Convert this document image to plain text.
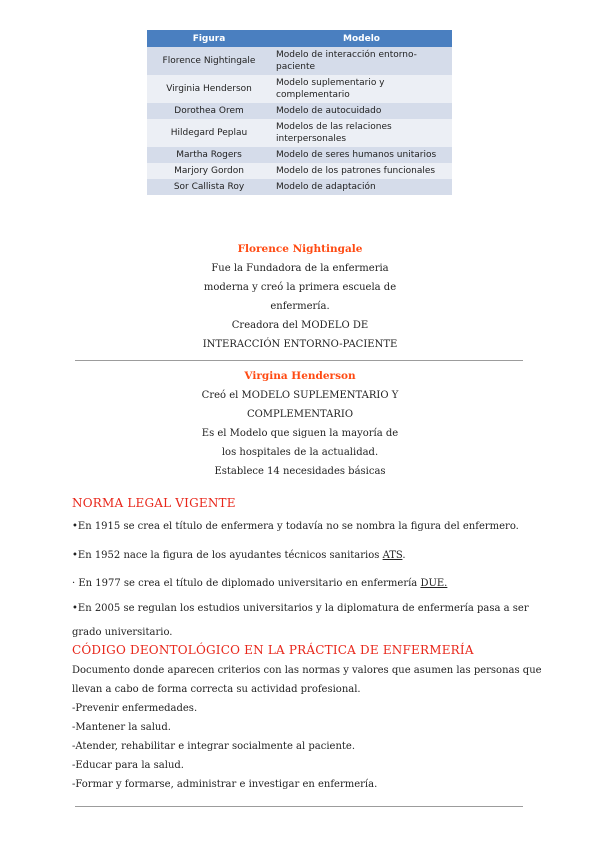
Figura	Modelo
Florence Nightingale	Modelo de interacción entorno-paciente
Virginia Henderson	Modelo suplementario y complementario
Dorothea Orem	Modelo de autocuidado
Hildegard Peplau	Modelos de las relaciones interpersonales
Martha Rogers	Modelo de seres humanos unitarios
Marjory Gordon	Modelo de los patrones funcionales
Sor Callista Roy	Modelo de adaptación
Florence Nightingale
Fue la Fundadora de la enfermeria
moderna y creó la primera escuela de
enfermería.
Creadora del MODELO DE
INTERACCIÓN ENTORNO-PACIENTE
Virgina Henderson
Creó el MODELO SUPLEMENTARIO Y
COMPLEMENTARIO
Es el Modelo que siguen la mayoría de
los hospitales de la actualidad.
Establece 14 necesidades básicas
NORMA LEGAL VIGENTE
•En 1915 se crea el título de enfermera y todavía no se nombra la figura del enfermero.
•En 1952 nace la figura de los ayudantes técnicos sanitarios ATS.
· En 1977 se crea el título de diplomado universitario en enfermería DUE.
•En 2005 se regulan los estudios universitarios y la diplomatura de enfermería pasa a ser
grado universitario.
CÓDIGO DEONTOLÓGICO EN LA PRÁCTICA DE ENFERMERÍA
Documento donde aparecen criterios con las normas y valores que asumen las personas que
llevan a cabo de forma correcta su actividad profesional.
-Prevenir enfermedades.
-Mantener la salud.
-Atender, rehabilitar e integrar socialmente al paciente.
-Educar para la salud.
-Formar y formarse, administrar e investigar en enfermería.
